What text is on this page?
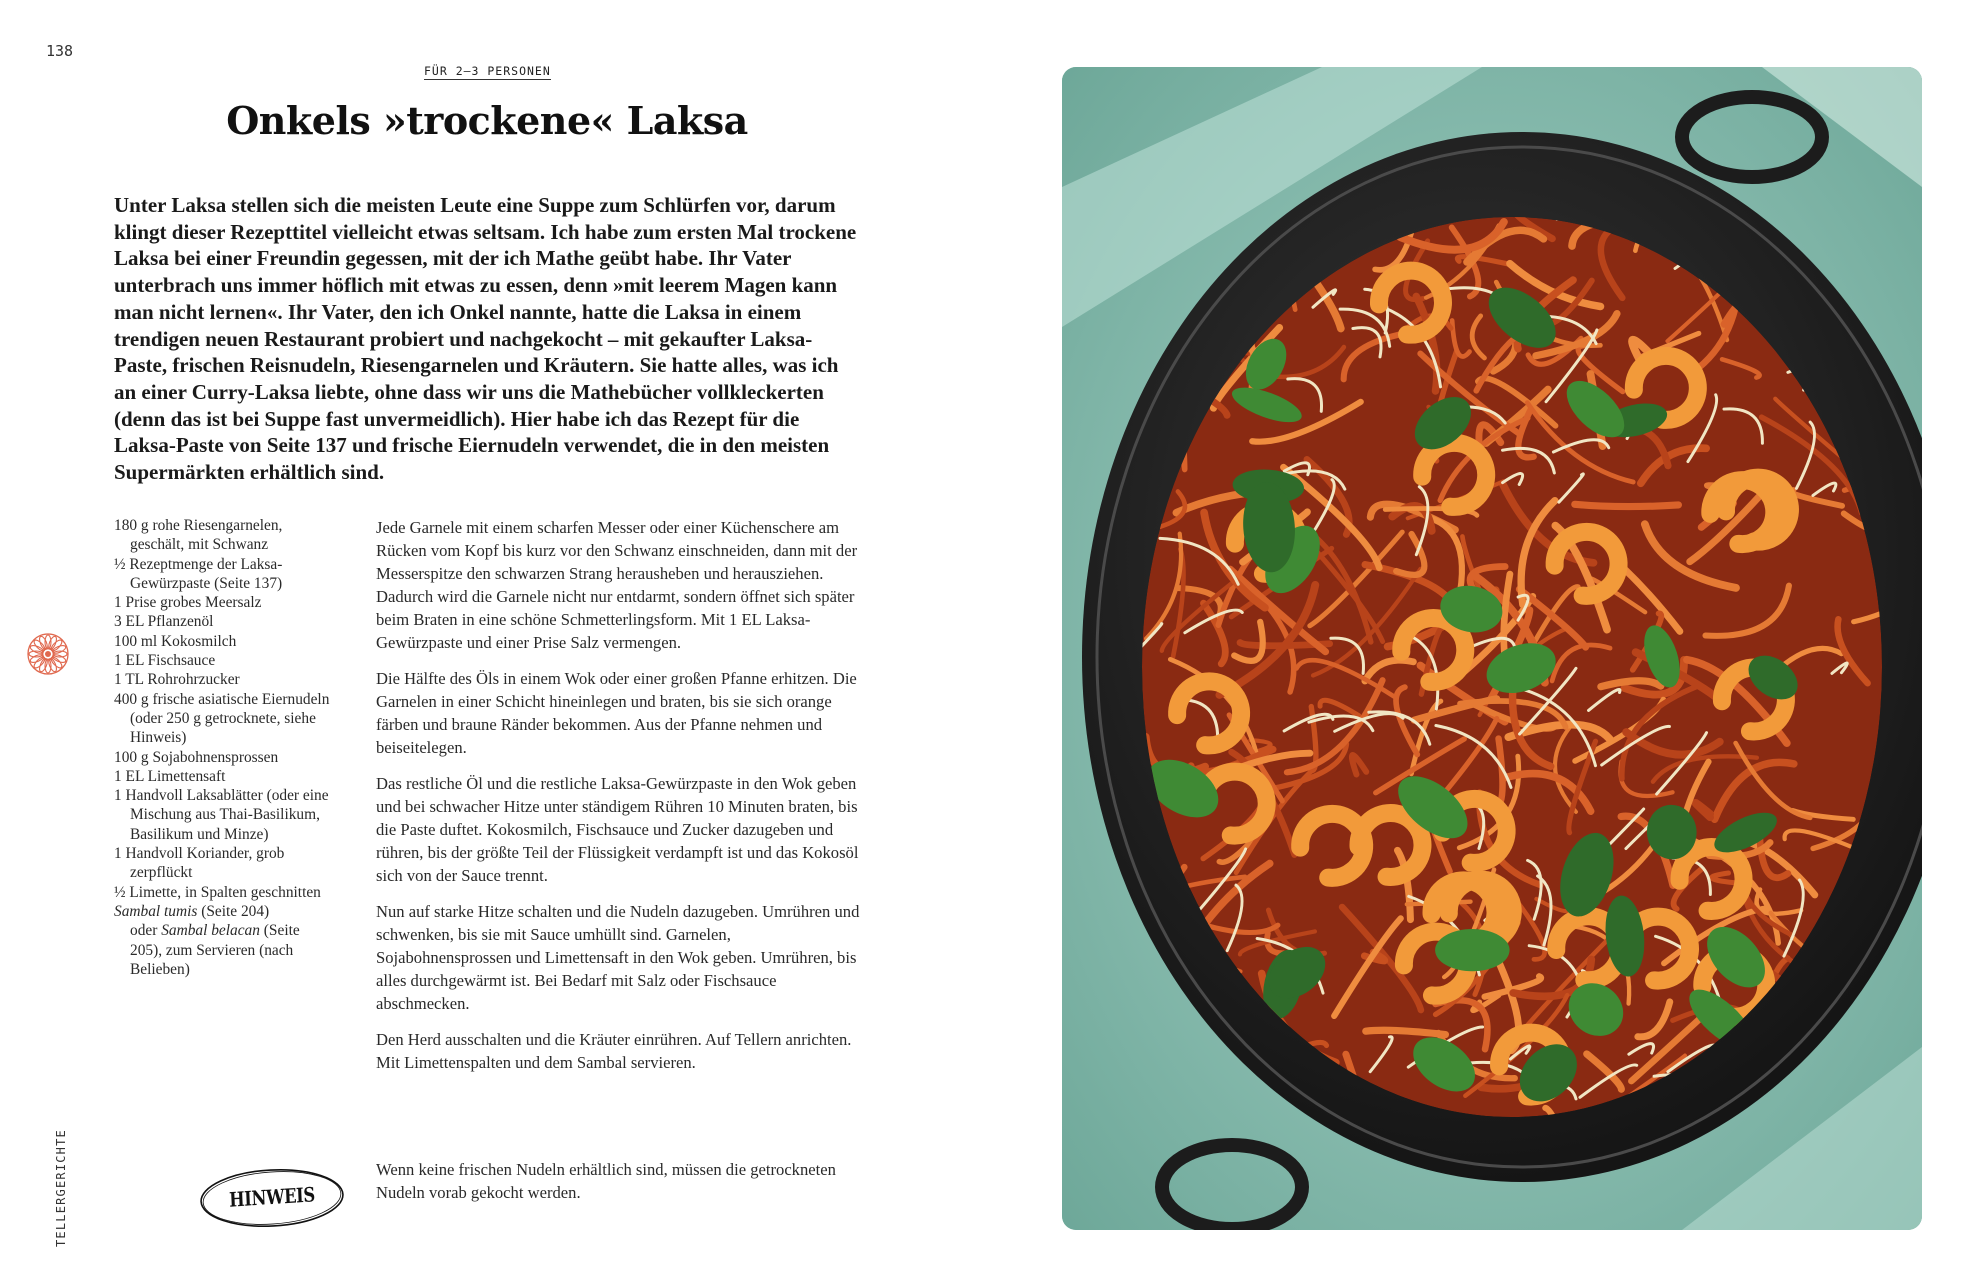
138
FÜR 2–3 PERSONEN
Onkels »trockene« Laksa

Unter Laksa stellen sich die meisten Leute eine Suppe zum Schlürfen vor, darum klingt dieser Rezepttitel vielleicht etwas seltsam. Ich habe zum ersten Mal trockene Laksa bei einer Freundin gegessen, mit der ich Mathe geübt habe. Ihr Vater unterbrach uns immer höflich mit etwas zu essen, denn »mit leerem Magen kann man nicht lernen«. Ihr Vater, den ich Onkel nannte, hatte die Laksa in einem trendigen neuen Restaurant probiert und nachgekocht – mit gekaufter Laksa-Paste, frischen Reisnudeln, Riesengarnelen und Kräutern. Sie hatte alles, was ich an einer Curry-Laksa liebte, ohne dass wir uns die Mathebücher vollkleckerten (denn das ist bei Suppe fast unvermeidlich). Hier habe ich das Rezept für die Laksa-Paste von Seite 137 und frische Eiernudeln verwendet, die in den meisten Supermärkten erhältlich sind.

180 g rohe Riesengarnelen, geschält, mit Schwanz
½ Rezeptmenge der Laksa-Gewürzpaste (Seite 137)
1 Prise grobes Meersalz
3 EL Pflanzenöl
100 ml Kokosmilch
1 EL Fischsauce
1 TL Rohrohrzucker
400 g frische asiatische Eiernudeln (oder 250 g getrocknete, siehe Hinweis)
100 g Sojabohnensprossen
1 EL Limettensaft
1 Handvoll Laksablätter (oder eine Mischung aus Thai-Basilikum, Basilikum und Minze)
1 Handvoll Koriander, grob zerpflückt
½ Limette, in Spalten geschnitten
Sambal tumis (Seite 204)
oder Sambal belacan (Seite 205), zum Servieren (nach Belieben)

Jede Garnele mit einem scharfen Messer oder einer Küchenschere am Rücken vom Kopf bis kurz vor den Schwanz einschneiden, dann mit der Messerspitze den schwarzen Strang herausheben und herausziehen. Dadurch wird die Garnele nicht nur entdarmt, sondern öffnet sich später beim Braten in eine schöne Schmetterlingsform. Mit 1 EL Laksa-Gewürzpaste und einer Prise Salz vermengen.

Die Hälfte des Öls in einem Wok oder einer großen Pfanne erhitzen. Die Garnelen in einer Schicht hineinlegen und braten, bis sie sich orange färben und braune Ränder bekommen. Aus der Pfanne nehmen und beiseitelegen.

Das restliche Öl und die restliche Laksa-Gewürzpaste in den Wok geben und bei schwacher Hitze unter ständigem Rühren 10 Minuten braten, bis die Paste duftet. Kokosmilch, Fischsauce und Zucker dazugeben und rühren, bis der größte Teil der Flüssigkeit verdampft ist und das Kokosöl sich von der Sauce trennt.

Nun auf starke Hitze schalten und die Nudeln dazugeben. Umrühren und schwenken, bis sie mit Sauce umhüllt sind. Garnelen, Sojabohnensprossen und Limettensaft in den Wok geben. Umrühren, bis alles durchgewärmt ist. Bei Bedarf mit Salz oder Fischsauce abschmecken.

Den Herd ausschalten und die Kräuter einrühren. Auf Tellern anrichten. Mit Limettenspalten und dem Sambal servieren.

HINWEIS

Wenn keine frischen Nudeln erhältlich sind, müssen die getrockneten Nudeln vorab gekocht werden.

TELLERGERICHTE
